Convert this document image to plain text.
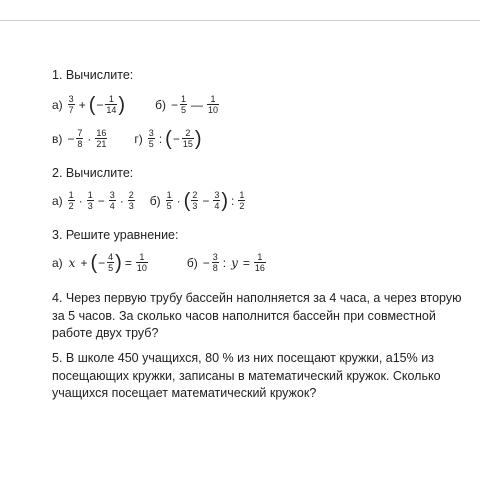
1. Вычислите:
$а) \frac{3}{7}$ + ( − $\frac{1}{14}$ )	$б) - \frac{1}{5}$ — $\frac{1}{10}$
$в) - \frac{7}{8} \cdot \frac{16}{21} г) \frac{3}{5}$ : ( − $\frac{2}{15}$ )
2. Вычислите:
$а) \frac{1}{2} \cdot \frac{1}{3} - \frac{3}{4} \cdot \frac{2}{3} б) \frac{1}{5}$ · ( $\frac{2}{3} - \frac{3}{4}$ ) : $\frac{1}{2}$
3. Решите уравнение:
а) x + ( − $\frac{4}{5}$ ) = $\frac{1}{10}$	$б) - \frac{3}{8}$ : $y = \frac{1}{16}$
4. Через первую трубу бассейн наполняется за 4 часа, а через вторую за 5 часов. За сколько часов наполнится бассейн при совместной работе двух труб?
5. В школе 450 учащихся, 80 % из них посещают кружки, а15% из посещающих кружки, записаны в математический кружок. Сколько учащихся посещает математический кружок?
